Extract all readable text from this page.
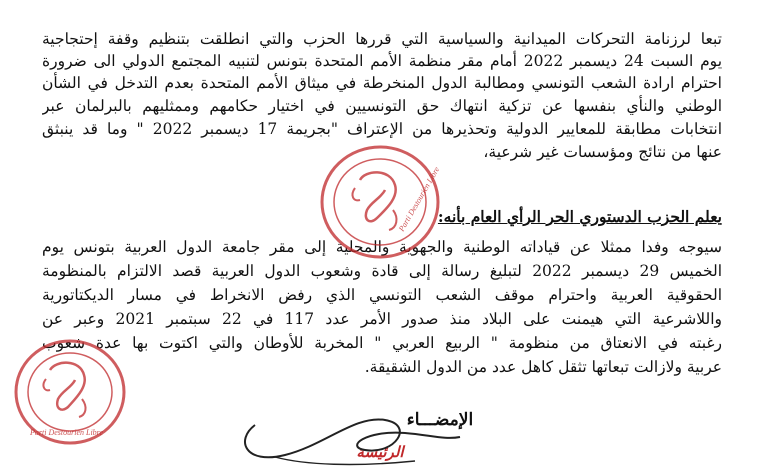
تبعا لرزنامة التحركات الميدانية والسياسية التي قررها الحزب والتي انطلقت بتنظيم وقفة إحتجاجية
يوم السبت 24 ديسمبر 2022 أمام مقر منظمة الأمم المتحدة بتونس لتنبيه المجتمع الدولي الى ضرورة
احترام ارادة الشعب التونسي ومطالبة الدول المنخرطة في ميثاق الأمم المتحدة بعدم التدخل في الشأن
الوطني والنأي بنفسها عن تزكية انتهاك حق التونسيين في اختيار حكامهم وممثليهم بالبرلمان عبر
انتخابات مطابقة للمعايير الدولية وتحذيرها من الإعتراف "بجريمة 17 ديسمبر 2022 " وما قد ينبثق
عنها من نتائج ومؤسسات غير شرعية،
يعلم الحزب الدستوري الحر الرأي العام بأنه:
سيوجه وفدا ممثلا عن قياداته الوطنية والجهوية والمحلية إلى مقر جامعة الدول العربية بتونس يوم
الخميس 29 ديسمبر 2022 لتبليغ رسالة إلى قادة وشعوب الدول العربية قصد الالتزام بالمنظومة
الحقوقية العربية واحترام موقف الشعب التونسي الذي رفض الانخراط في مسار الديكتاتورية
واللاشرعية التي هيمنت على البلاد منذ صدور الأمر عدد 117 في 22 سبتمبر 2021 وعبر عن
رغبته في الانعتاق من منظومة " الربيع العربي " المخربة للأوطان والتي اكتوت بها عدة شعوب
عربية ولازالت تبعاتها تثقل كاهل عدد من الدول الشقيقة.
الإمضـــاء
الرئيسة
Parti Destourien Libre
Parti Destourien Libre
